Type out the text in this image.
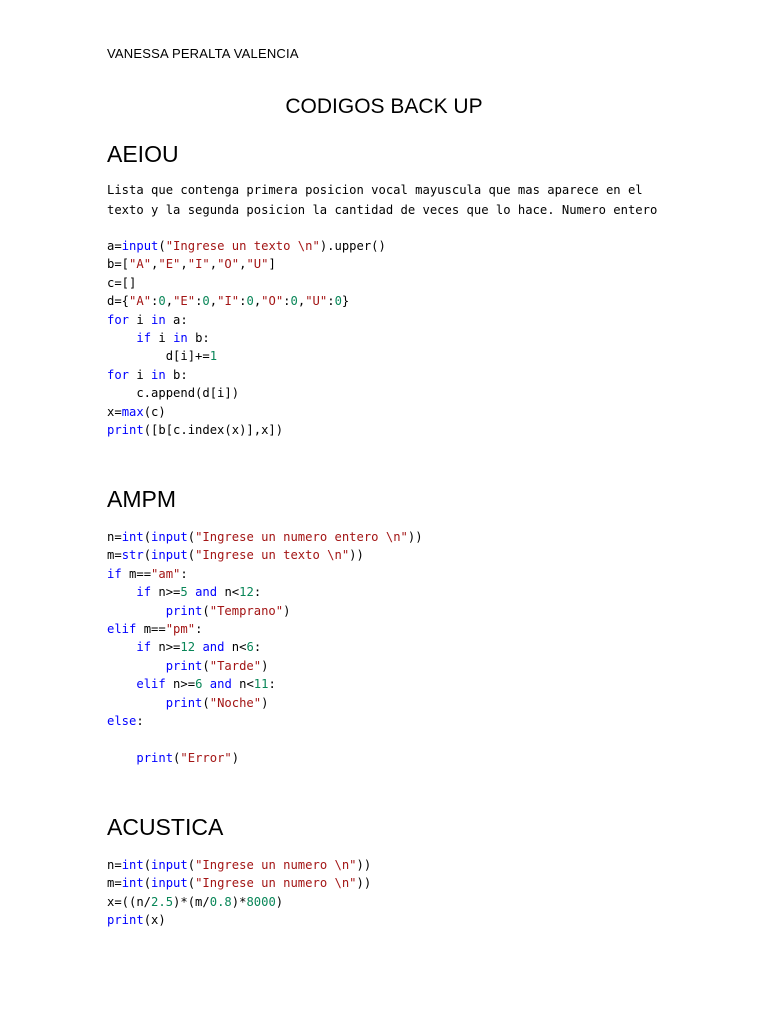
VANESSA PERALTA VALENCIA
CODIGOS BACK UP
AEIOU

Lista que contenga primera posicion vocal mayuscula que mas aparece en el
texto y la segunda posicion la cantidad de veces que lo hace. Numero entero

a=input("Ingrese un texto \n").upper()
b=["A","E","I","O","U"]
c=[]
d={"A":0,"E":0,"I":0,"O":0,"U":0}
for i in a:
if i in b:
d[i]+=1
for i in b:
c.append(d[i])
x=max(c)
print([b[c.index(x)],x])
AMPM
n=int(input("Ingrese un numero entero \n"))
m=str(input("Ingrese un texto \n"))
if m=="am":
if n>=5 and n<12:
print("Temprano")
elif m=="pm":
if n>=12 and n<6:
print("Tarde")
elif n>=6 and n<11:
print("Noche")
else:
print("Error")
ACUSTICA
n=int(input("Ingrese un numero \n"))
m=int(input("Ingrese un numero \n"))
x=((n/2.5)*(m/0.8)*8000)
print(x)
